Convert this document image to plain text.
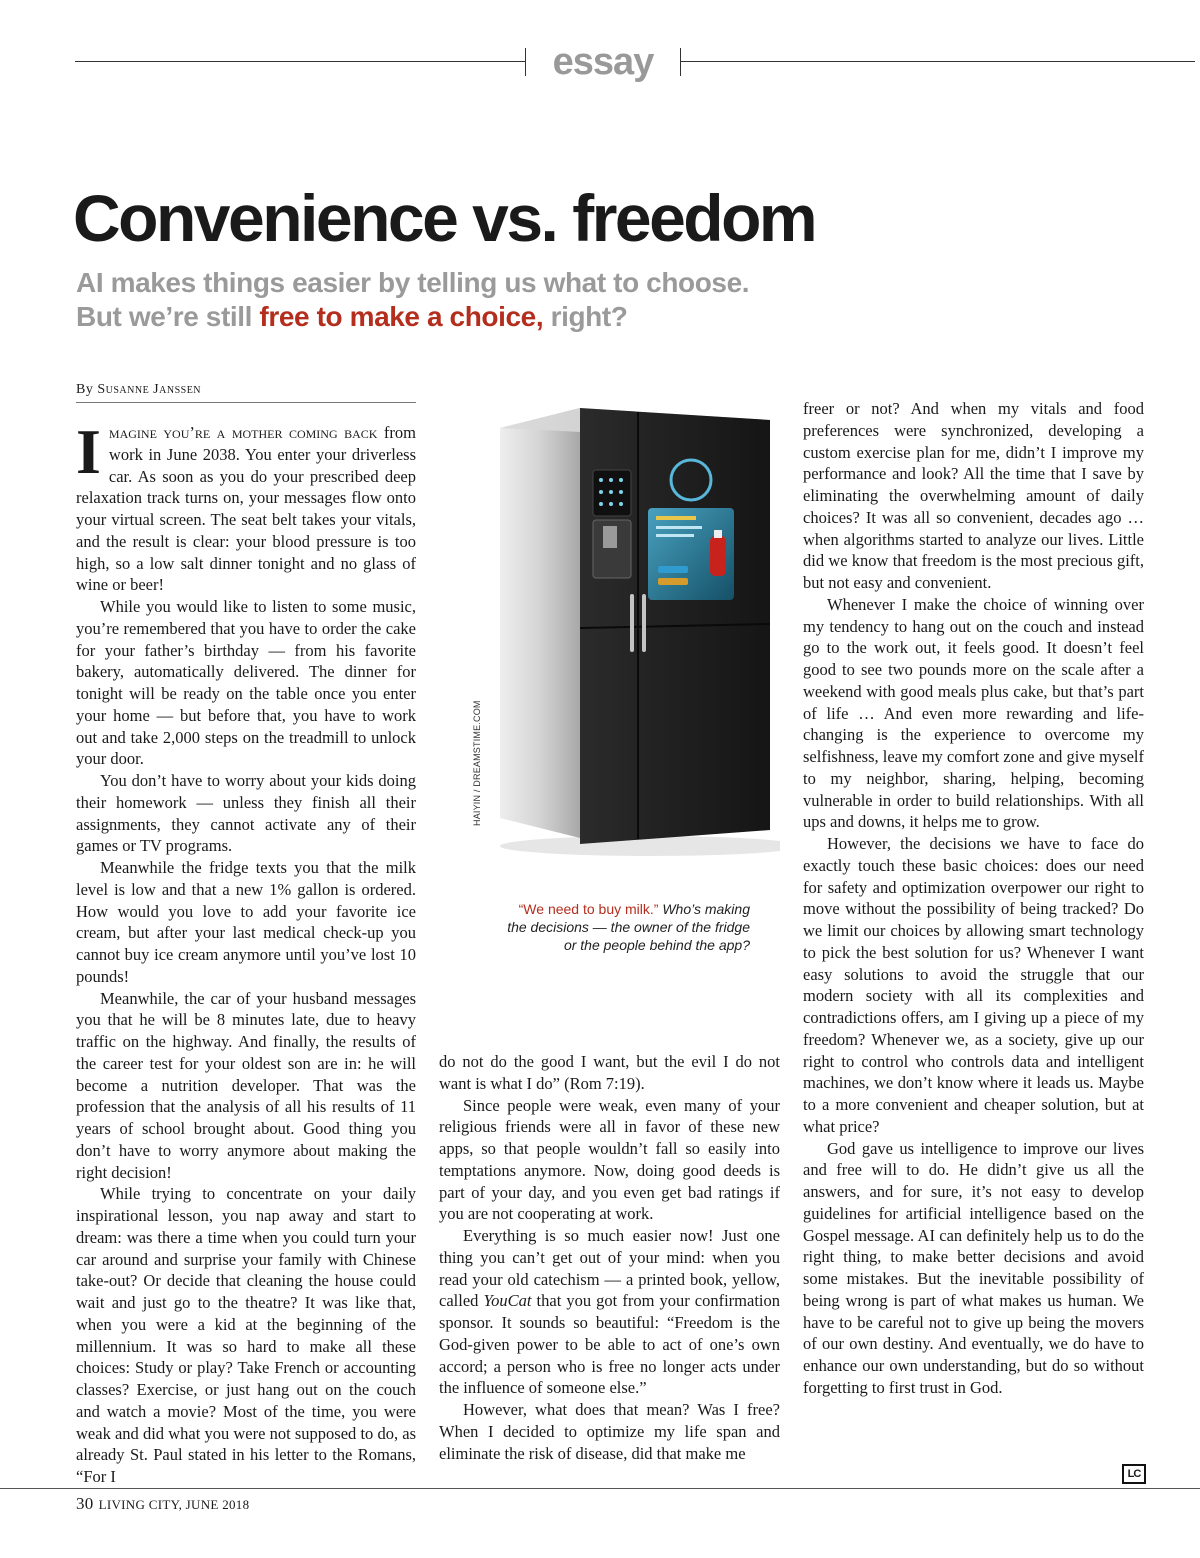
essay
Convenience vs. freedom
AI makes things easier by telling us what to choose.
But we’re still free to make a choice, right?
By Susanne Janssen

Imagine you’re a mother coming back from work in June 2038. You enter your driverless car. As soon as you do your prescribed deep relaxation track turns on, your messages flow onto your virtual screen. The seat belt takes your vitals, and the result is clear: your blood pressure is too high, so a low salt dinner tonight and no glass of wine or beer!

While you would like to listen to some music, you’re remembered that you have to order the cake for your father’s birthday — from his favorite bakery, automatically delivered. The dinner for tonight will be ready on the table once you enter your home — but before that, you have to work out and take 2,000 steps on the treadmill to unlock your door.

You don’t have to worry about your kids doing their homework — unless they finish all their assignments, they cannot activate any of their games or TV programs.

Meanwhile the fridge texts you that the milk level is low and that a new 1% gallon is ordered. How would you love to add your favorite ice cream, but after your last medical check-up you cannot buy ice cream anymore until you’ve lost 10 pounds!

Meanwhile, the car of your husband messages you that he will be 8 minutes late, due to heavy traffic on the highway. And finally, the results of the career test for your oldest son are in: he will become a nutrition developer. That was the profession that the analysis of all his results of 11 years of school brought about. Good thing you don’t have to worry anymore about making the right decision!

While trying to concentrate on your daily inspirational lesson, you nap away and start to dream: was there a time when you could turn your car around and surprise your family with Chinese take-out? Or decide that cleaning the house could wait and just go to the theatre? It was like that, when you were a kid at the beginning of the millennium. It was so hard to make all these choices: Study or play? Take French or accounting classes? Exercise, or just hang out on the couch and watch a movie? Most of the time, you were weak and did what you were not supposed to do, as already St. Paul stated in his letter to the Romans, “For I

HAIYIN / DREAMSTIME.COM
“We need to buy milk.” Who’s making the decisions — the owner of the fridge or the people behind the app?

do not do the good I want, but the evil I do not want is what I do” (Rom 7:19).

Since people were weak, even many of your religious friends were all in favor of these new apps, so that people wouldn’t fall so easily into temptations anymore. Now, doing good deeds is part of your day, and you even get bad ratings if you are not cooperating at work.

Everything is so much easier now! Just one thing you can’t get out of your mind: when you read your old catechism — a printed book, yellow, called YouCat that you got from your confirmation sponsor. It sounds so beautiful: “Freedom is the God-given power to be able to act of one’s own accord; a person who is free no longer acts under the influence of someone else.”

However, what does that mean? Was I free? When I decided to optimize my life span and eliminate the risk of disease, did that make me

freer or not? And when my vitals and food preferences were synchronized, developing a custom exercise plan for me, didn’t I improve my performance and look? All the time that I save by eliminating the overwhelming amount of daily choices? It was all so convenient, decades ago … when algorithms started to analyze our lives. Little did we know that freedom is the most precious gift, but not easy and convenient.

Whenever I make the choice of winning over my tendency to hang out on the couch and instead go to the work out, it feels good. It doesn’t feel good to see two pounds more on the scale after a weekend with good meals plus cake, but that’s part of life … And even more rewarding and life-changing is the experience to overcome my selfishness, leave my comfort zone and give myself to my neighbor, sharing, helping, becoming vulnerable in order to build relationships. With all ups and downs, it helps me to grow.

However, the decisions we have to face do exactly touch these basic choices: does our need for safety and optimization overpower our right to move without the possibility of being tracked? Do we limit our choices by allowing smart technology to pick the best solution for us? Whenever I want easy solutions to avoid the struggle that our modern society with all its complexities and contradictions offers, am I giving up a piece of my freedom? Whenever we, as a society, give up our right to control who controls data and intelligent machines, we don’t know where it leads us. Maybe to a more convenient and cheaper solution, but at what price?

God gave us intelligence to improve our lives and free will to do. He didn’t give us all the answers, and for sure, it’s not easy to develop guidelines for artificial intelligence based on the Gospel message. AI can definitely help us to do the right thing, to make better decisions and avoid some mistakes. But the inevitable possibility of being wrong is part of what makes us human. We have to be careful not to give up being the movers of our own destiny. And eventually, we do have to enhance our own understanding, but do so without forgetting to first trust in God.

LC
30 LIVING CITY, JUNE 2018
